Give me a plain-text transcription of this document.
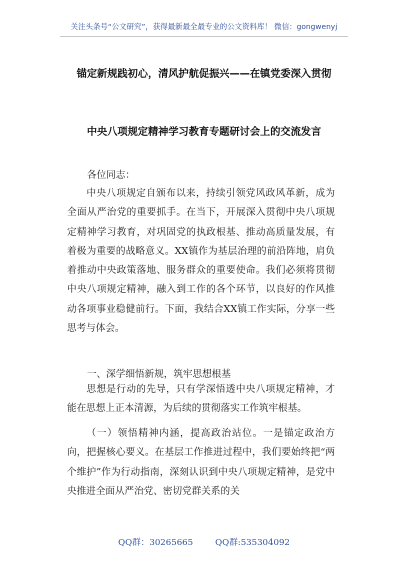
关注头条号“公文研究”，获得最新最全最专业的公文资料库！ 微信：gongwenyj
锚定新规践初心，清风护航促振兴——在镇党委深入贯彻
中央八项规定精神学习教育专题研讨会上的交流发言
各位同志：
中央八项规定自颁布以来，持续引领党风政风革新，成为全面从严治党的重要抓手。在当下，开展深入贯彻中央八项规定精神学习教育，对巩固党的执政根基、推动高质量发展，有着极为重要的战略意义。XX镇作为基层治理的前沿阵地，肩负着推动中央政策落地、服务群众的重要使命。我们必须将贯彻中央八项规定精神，融入到工作的各个环节，以良好的作风推动各项事业稳健前行。下面，我结合XX镇工作实际，分享一些思考与体会。
一、深学细悟新规，筑牢思想根基
思想是行动的先导，只有学深悟透中央八项规定精神，才能在思想上正本清源，为后续的贯彻落实工作筑牢根基。
（一）领悟精神内涵，提高政治站位。一是锚定政治方向，把握核心要义。在基层工作推进过程中，我们要始终把“两个维护”作为行动指南，深刻认识到中央八项规定精神，是党中央推进全面从严治党、密切党群关系的关
QQ群：30265665	QQ群:535304092
